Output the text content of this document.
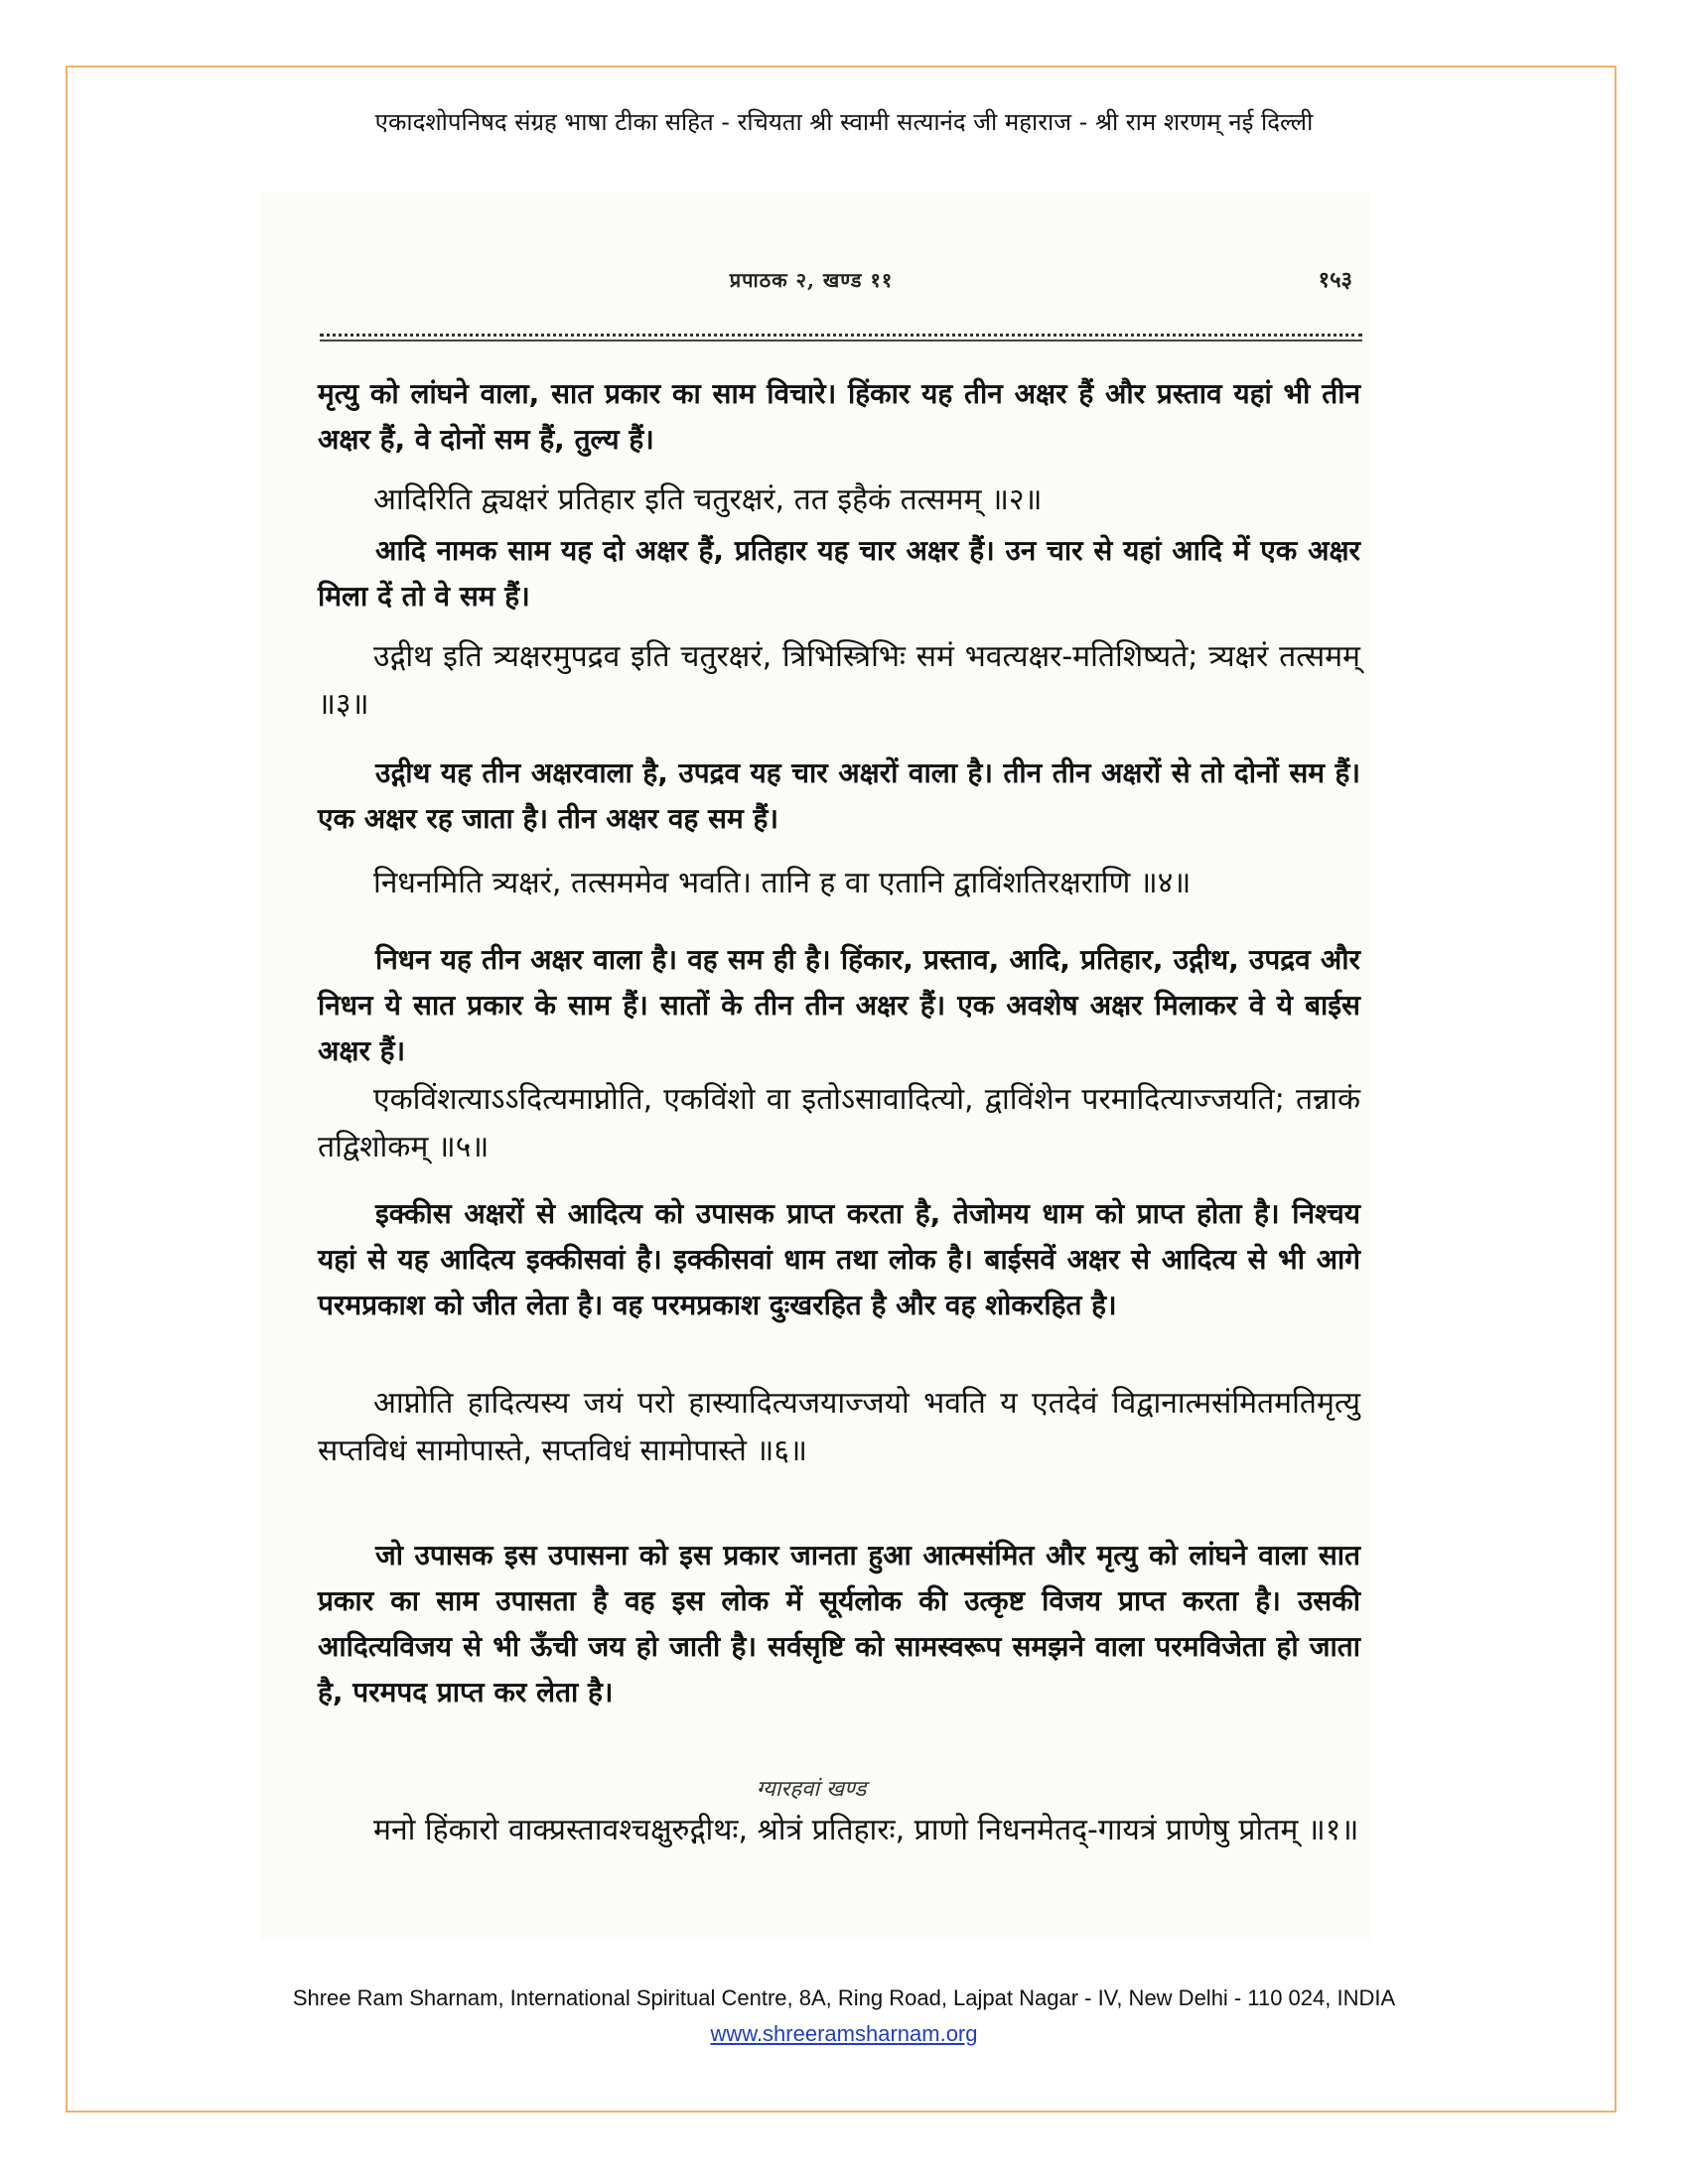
एकादशोपनिषद संग्रह भाषा टीका सहित - रचियता श्री स्वामी सत्यानंद जी महाराज - श्री राम शरणम् नई दिल्ली
प्रपाठक २, खण्ड ११	१५३

मृत्यु को लांघने वाला, सात प्रकार का साम विचारे। हिंकार यह तीन अक्षर हैं और प्रस्ताव यहां भी तीन अक्षर हैं, वे दोनों सम हैं, तुल्य हैं।

आदिरिति द्व्यक्षरं प्रतिहार इति चतुरक्षरं, तत इहैकं तत्समम् ॥२॥

आदि नामक साम यह दो अक्षर हैं, प्रतिहार यह चार अक्षर हैं। उन चार से यहां आदि में एक अक्षर मिला दें तो वे सम हैं।

उद्गीथ इति त्र्यक्षरमुपद्रव इति चतुरक्षरं, त्रिभिस्त्रिभिः समं भवत्यक्षर-मतिशिष्यते; त्र्यक्षरं तत्समम् ॥३॥

उद्गीथ यह तीन अक्षरवाला है, उपद्रव यह चार अक्षरों वाला है। तीन तीन अक्षरों से तो दोनों सम हैं। एक अक्षर रह जाता है। तीन अक्षर वह सम हैं।

निधनमिति त्र्यक्षरं, तत्सममेव भवति। तानि ह वा एतानि द्वाविंशतिरक्षराणि ॥४॥

निधन यह तीन अक्षर वाला है। वह सम ही है। हिंकार, प्रस्ताव, आदि, प्रतिहार, उद्गीथ, उपद्रव और निधन ये सात प्रकार के साम हैं। सातों के तीन तीन अक्षर हैं। एक अवशेष अक्षर मिलाकर वे ये बाईस अक्षर हैं।

एकविंशत्याऽऽदित्यमाप्नोति, एकविंशो वा इतोऽसावादित्यो, द्वाविंशेन परमादित्याज्जयति; तन्नाकं तद्विशोकम् ॥५॥

इक्कीस अक्षरों से आदित्य को उपासक प्राप्त करता है, तेजोमय धाम को प्राप्त होता है। निश्चय यहां से यह आदित्य इक्कीसवां है। इक्कीसवां धाम तथा लोक है। बाईसवें अक्षर से आदित्य से भी आगे परमप्रकाश को जीत लेता है। वह परमप्रकाश दुःखरहित है और वह शोकरहित है।

आप्नोति हादित्यस्य जयं परो हास्यादित्यजयाज्जयो भवति य एतदेवं विद्वानात्मसंमितमतिमृत्यु सप्तविधं सामोपास्ते, सप्तविधं सामोपास्ते ॥६॥

जो उपासक इस उपासना को इस प्रकार जानता हुआ आत्मसंमित और मृत्यु को लांघने वाला सात प्रकार का साम उपासता है वह इस लोक में सूर्यलोक की उत्कृष्ट विजय प्राप्त करता है। उसकी आदित्यविजय से भी ऊँची जय हो जाती है। सर्वसृष्टि को सामस्वरूप समझने वाला परमविजेता हो जाता है, परमपद प्राप्त कर लेता है।

ग्यारहवां खण्ड

मनो हिंकारो वाक्प्रस्तावश्चक्षुरुद्गीथः, श्रोत्रं प्रतिहारः, प्राणो निधनमेतद्-गायत्रं प्राणेषु प्रोतम् ॥१॥

Shree Ram Sharnam, International Spiritual Centre, 8A, Ring Road, Lajpat Nagar - IV, New Delhi - 110 024, INDIA
www.shreeramsharnam.org
